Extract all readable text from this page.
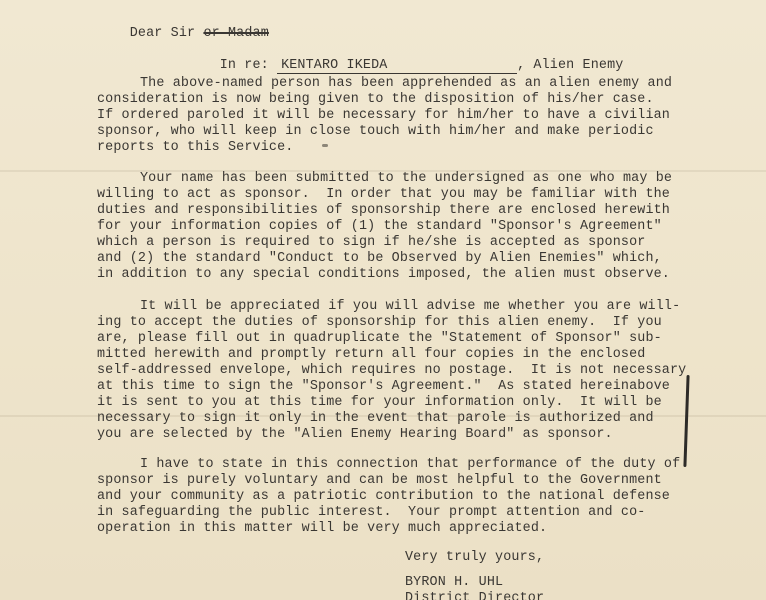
Dear Sir or Madam

In re: KENTARO IKEDA	, Alien Enemy

The above-named person has been apprehended as an alien enemy and
consideration is now being given to the disposition of his/her case.
If ordered paroled it will be necessary for him/her to have a civilian
sponsor, who will keep in close touch with him/her and make periodic
reports to this Service.
Your name has been submitted to the undersigned as one who may be
willing to act as sponsor.  In order that you may be familiar with the
duties and responsibilities of sponsorship there are enclosed herewith
for your information copies of (1) the standard "Sponsor's Agreement"
which a person is required to sign if he/she is accepted as sponsor
and (2) the standard "Conduct to be Observed by Alien Enemies" which,
in addition to any special conditions imposed, the alien must observe.
It will be appreciated if you will advise me whether you are will-
ing to accept the duties of sponsorship for this alien enemy.  If you
are, please fill out in quadruplicate the "Statement of Sponsor" sub-
mitted herewith and promptly return all four copies in the enclosed
self-addressed envelope, which requires no postage.  It is not necessary
at this time to sign the "Sponsor's Agreement."  As stated hereinabove
it is sent to you at this time for your information only.  It will be
necessary to sign it only in the event that parole is authorized and
you are selected by the "Alien Enemy Hearing Board" as sponsor.
I have to state in this connection that performance of the duty of
sponsor is purely voluntary and can be most helpful to the Government
and your community as a patriotic contribution to the national defense
in safeguarding the public interest.  Your prompt attention and co-
operation in this matter will be very much appreciated.
Very truly yours,
BYRON H. UHL
District Director
